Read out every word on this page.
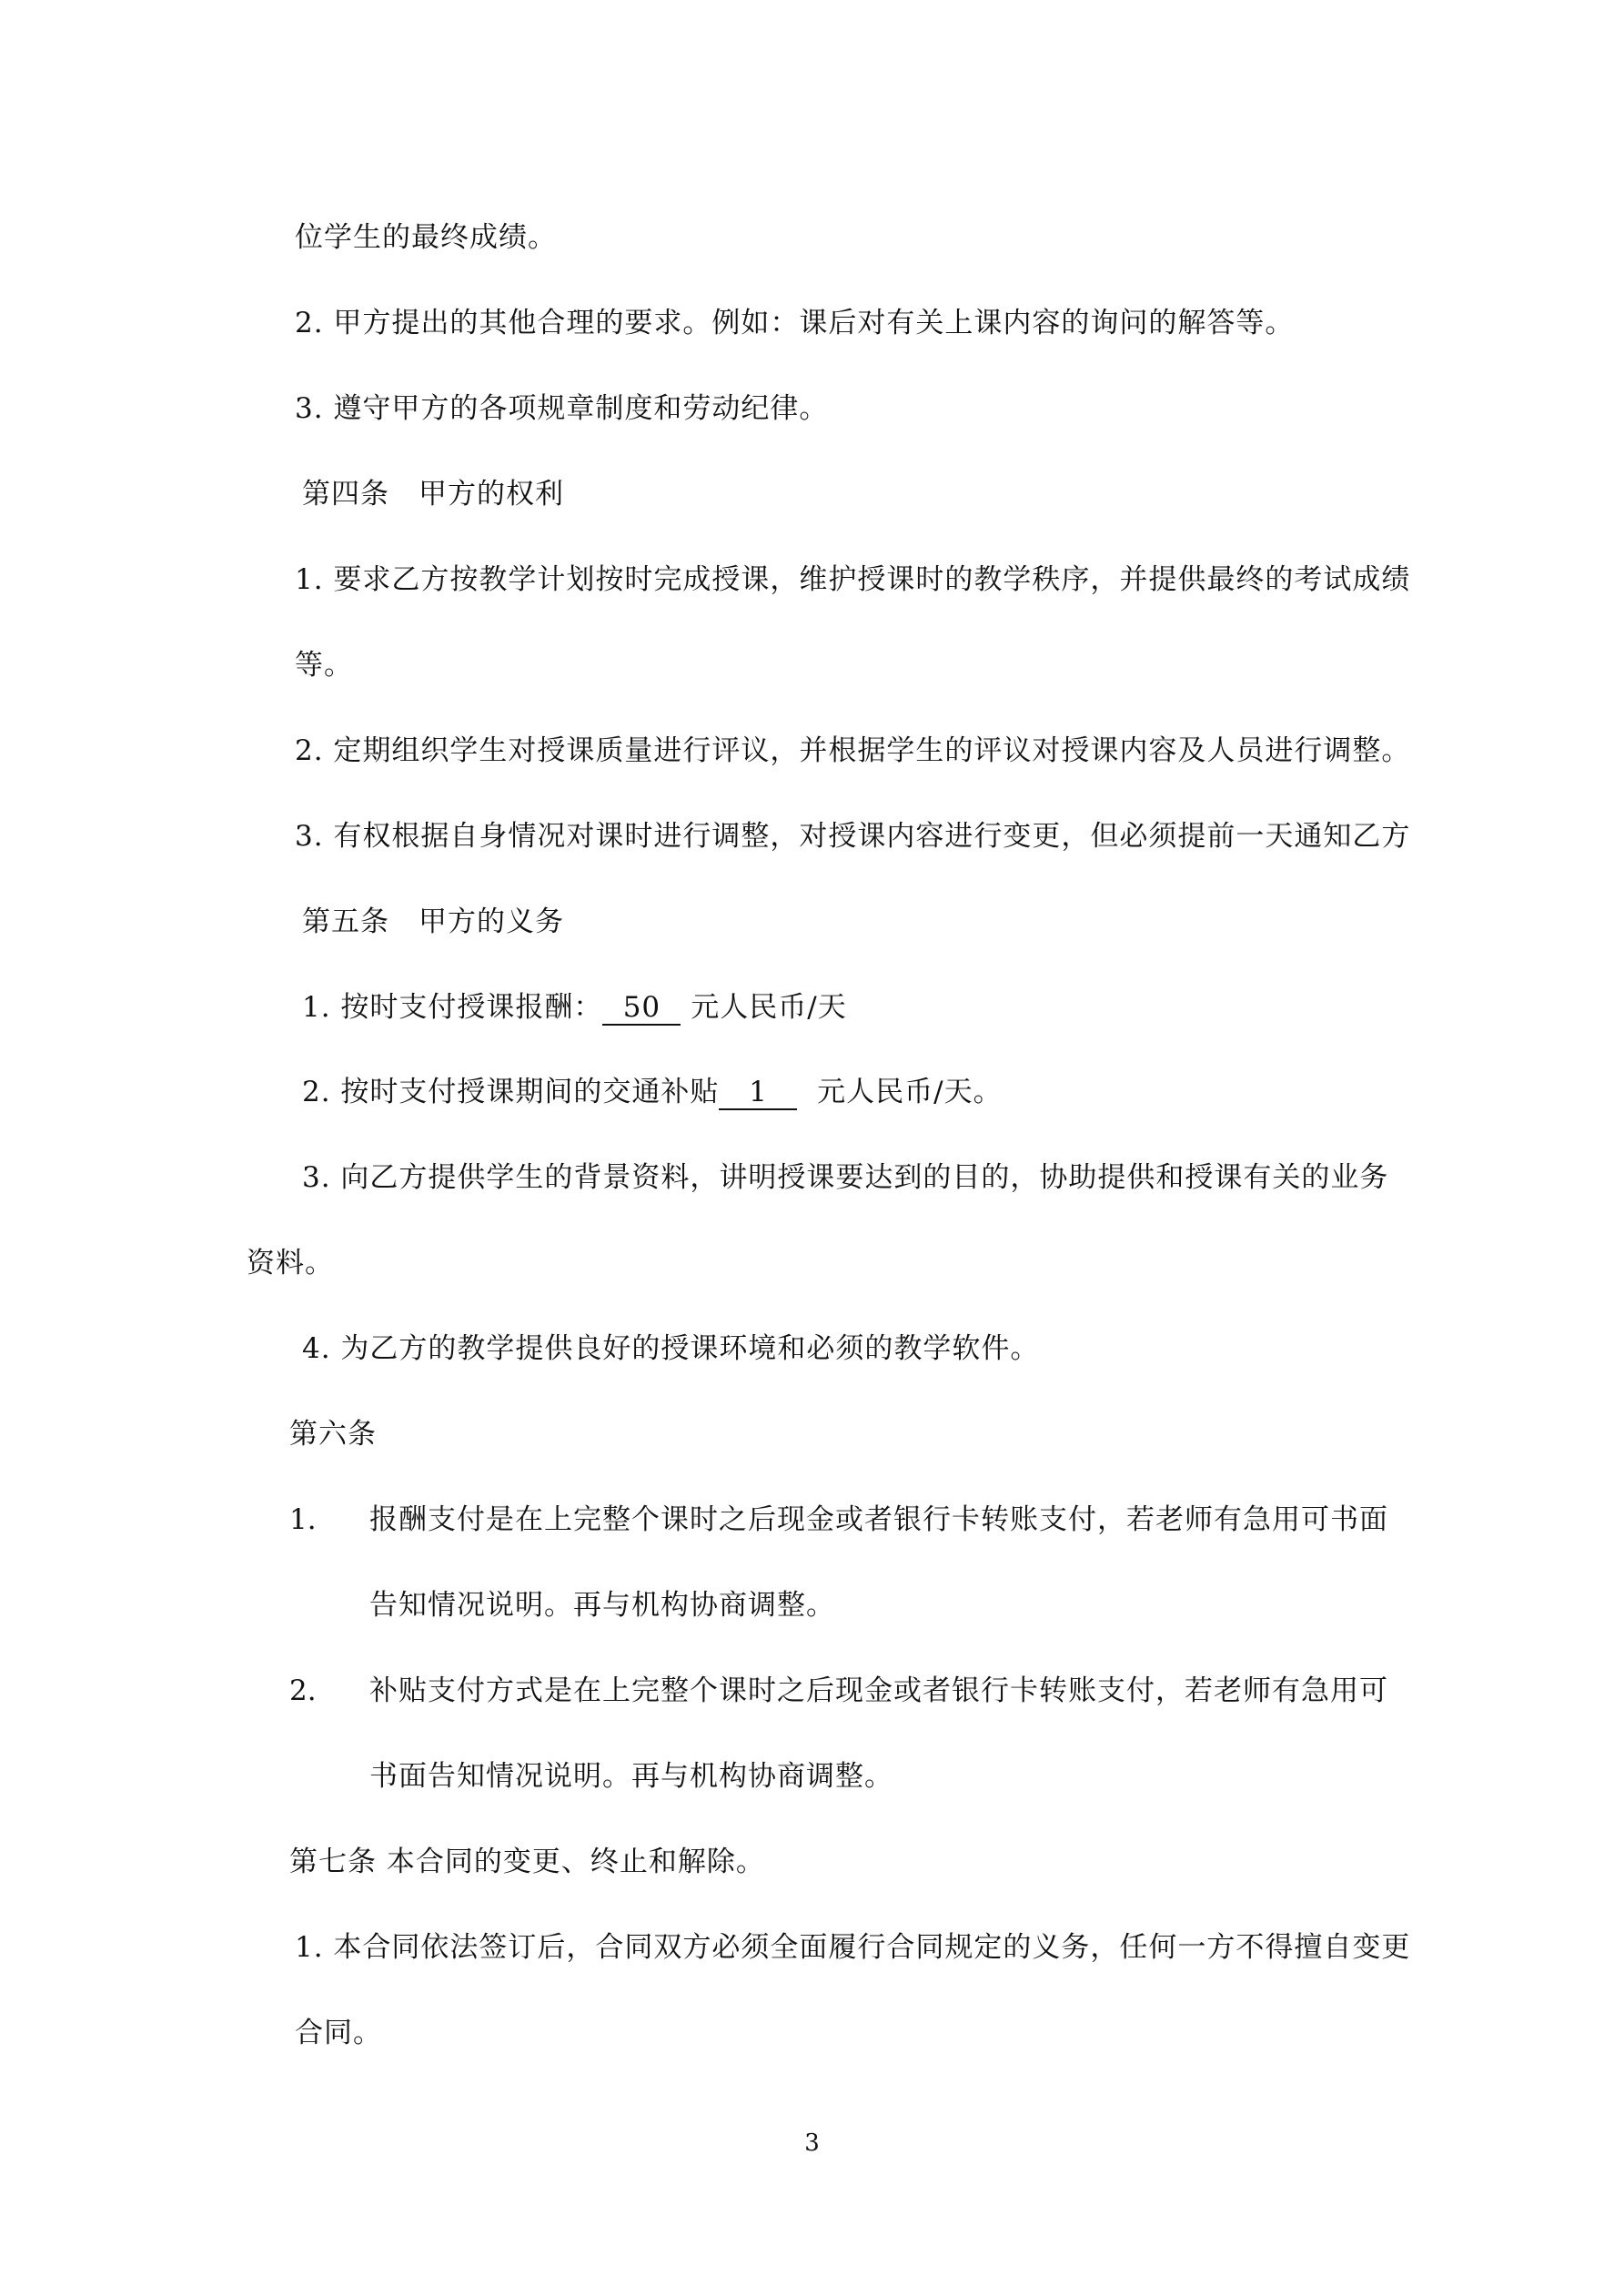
位学生的最终成绩。
2. 甲方提出的其他合理的要求。例如：课后对有关上课内容的询问的解答等。
3. 遵守甲方的各项规章制度和劳动纪律。
第四条　甲方的权利
1. 要求乙方按教学计划按时完成授课，维护授课时的教学秩序，并提供最终的考试成绩
等。
2. 定期组织学生对授课质量进行评议，并根据学生的评议对授课内容及人员进行调整。
3. 有权根据自身情况对课时进行调整，对授课内容进行变更，但必须提前一天通知乙方
第五条　甲方的义务
1. 按时支付授课报酬： 50 元人民币/天
2. 按时支付授课期间的交通补贴 1 元人民币/天。
3. 向乙方提供学生的背景资料，讲明授课要达到的目的，协助提供和授课有关的业务
资料。
4. 为乙方的教学提供良好的授课环境和必须的教学软件。
第六条
1. 报酬支付是在上完整个课时之后现金或者银行卡转账支付，若老师有急用可书面
告知情况说明。再与机构协商调整。
2. 补贴支付方式是在上完整个课时之后现金或者银行卡转账支付，若老师有急用可
书面告知情况说明。再与机构协商调整。
第七条 本合同的变更、终止和解除。
1. 本合同依法签订后，合同双方必须全面履行合同规定的义务，任何一方不得擅自变更
合同。
3
